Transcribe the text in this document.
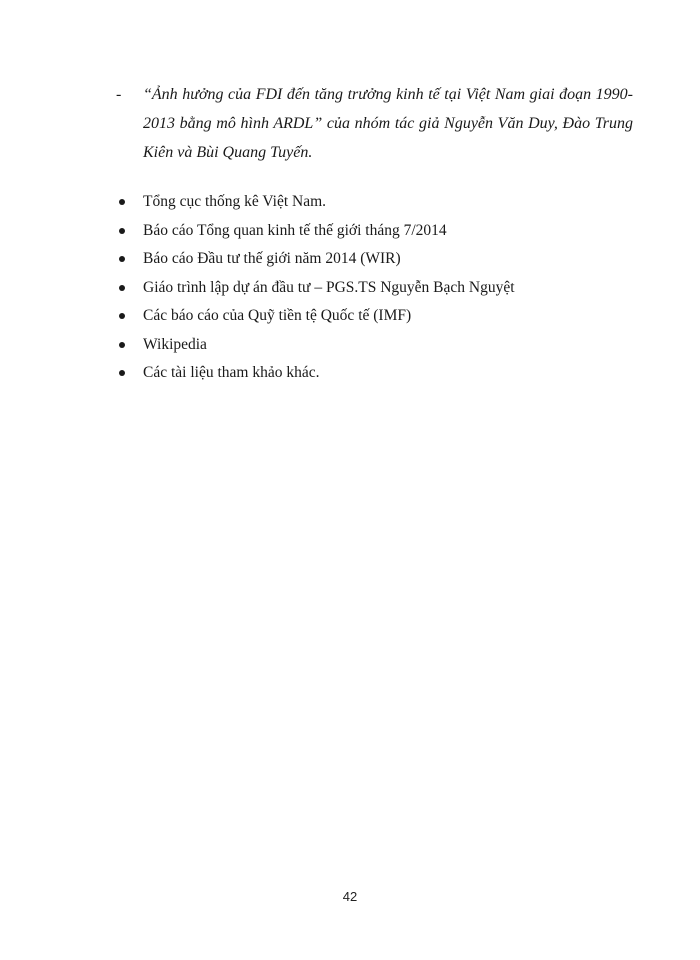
- “Ảnh hưởng của FDI đến tăng trưởng kinh tế tại Việt Nam giai đoạn 1990-2013 bằng mô hình ARDL” của nhóm tác giả Nguyễn Văn Duy, Đào Trung Kiên và Bùi Quang Tuyến.
Tổng cục thống kê Việt Nam.
Báo cáo Tổng quan kinh tế thế giới tháng 7/2014
Báo cáo Đầu tư thế giới năm 2014 (WIR)
Giáo trình lập dự án đầu tư – PGS.TS Nguyễn Bạch Nguyệt
Các báo cáo của Quỹ tiền tệ Quốc tế (IMF)
Wikipedia
Các tài liệu tham khảo khác.
42
